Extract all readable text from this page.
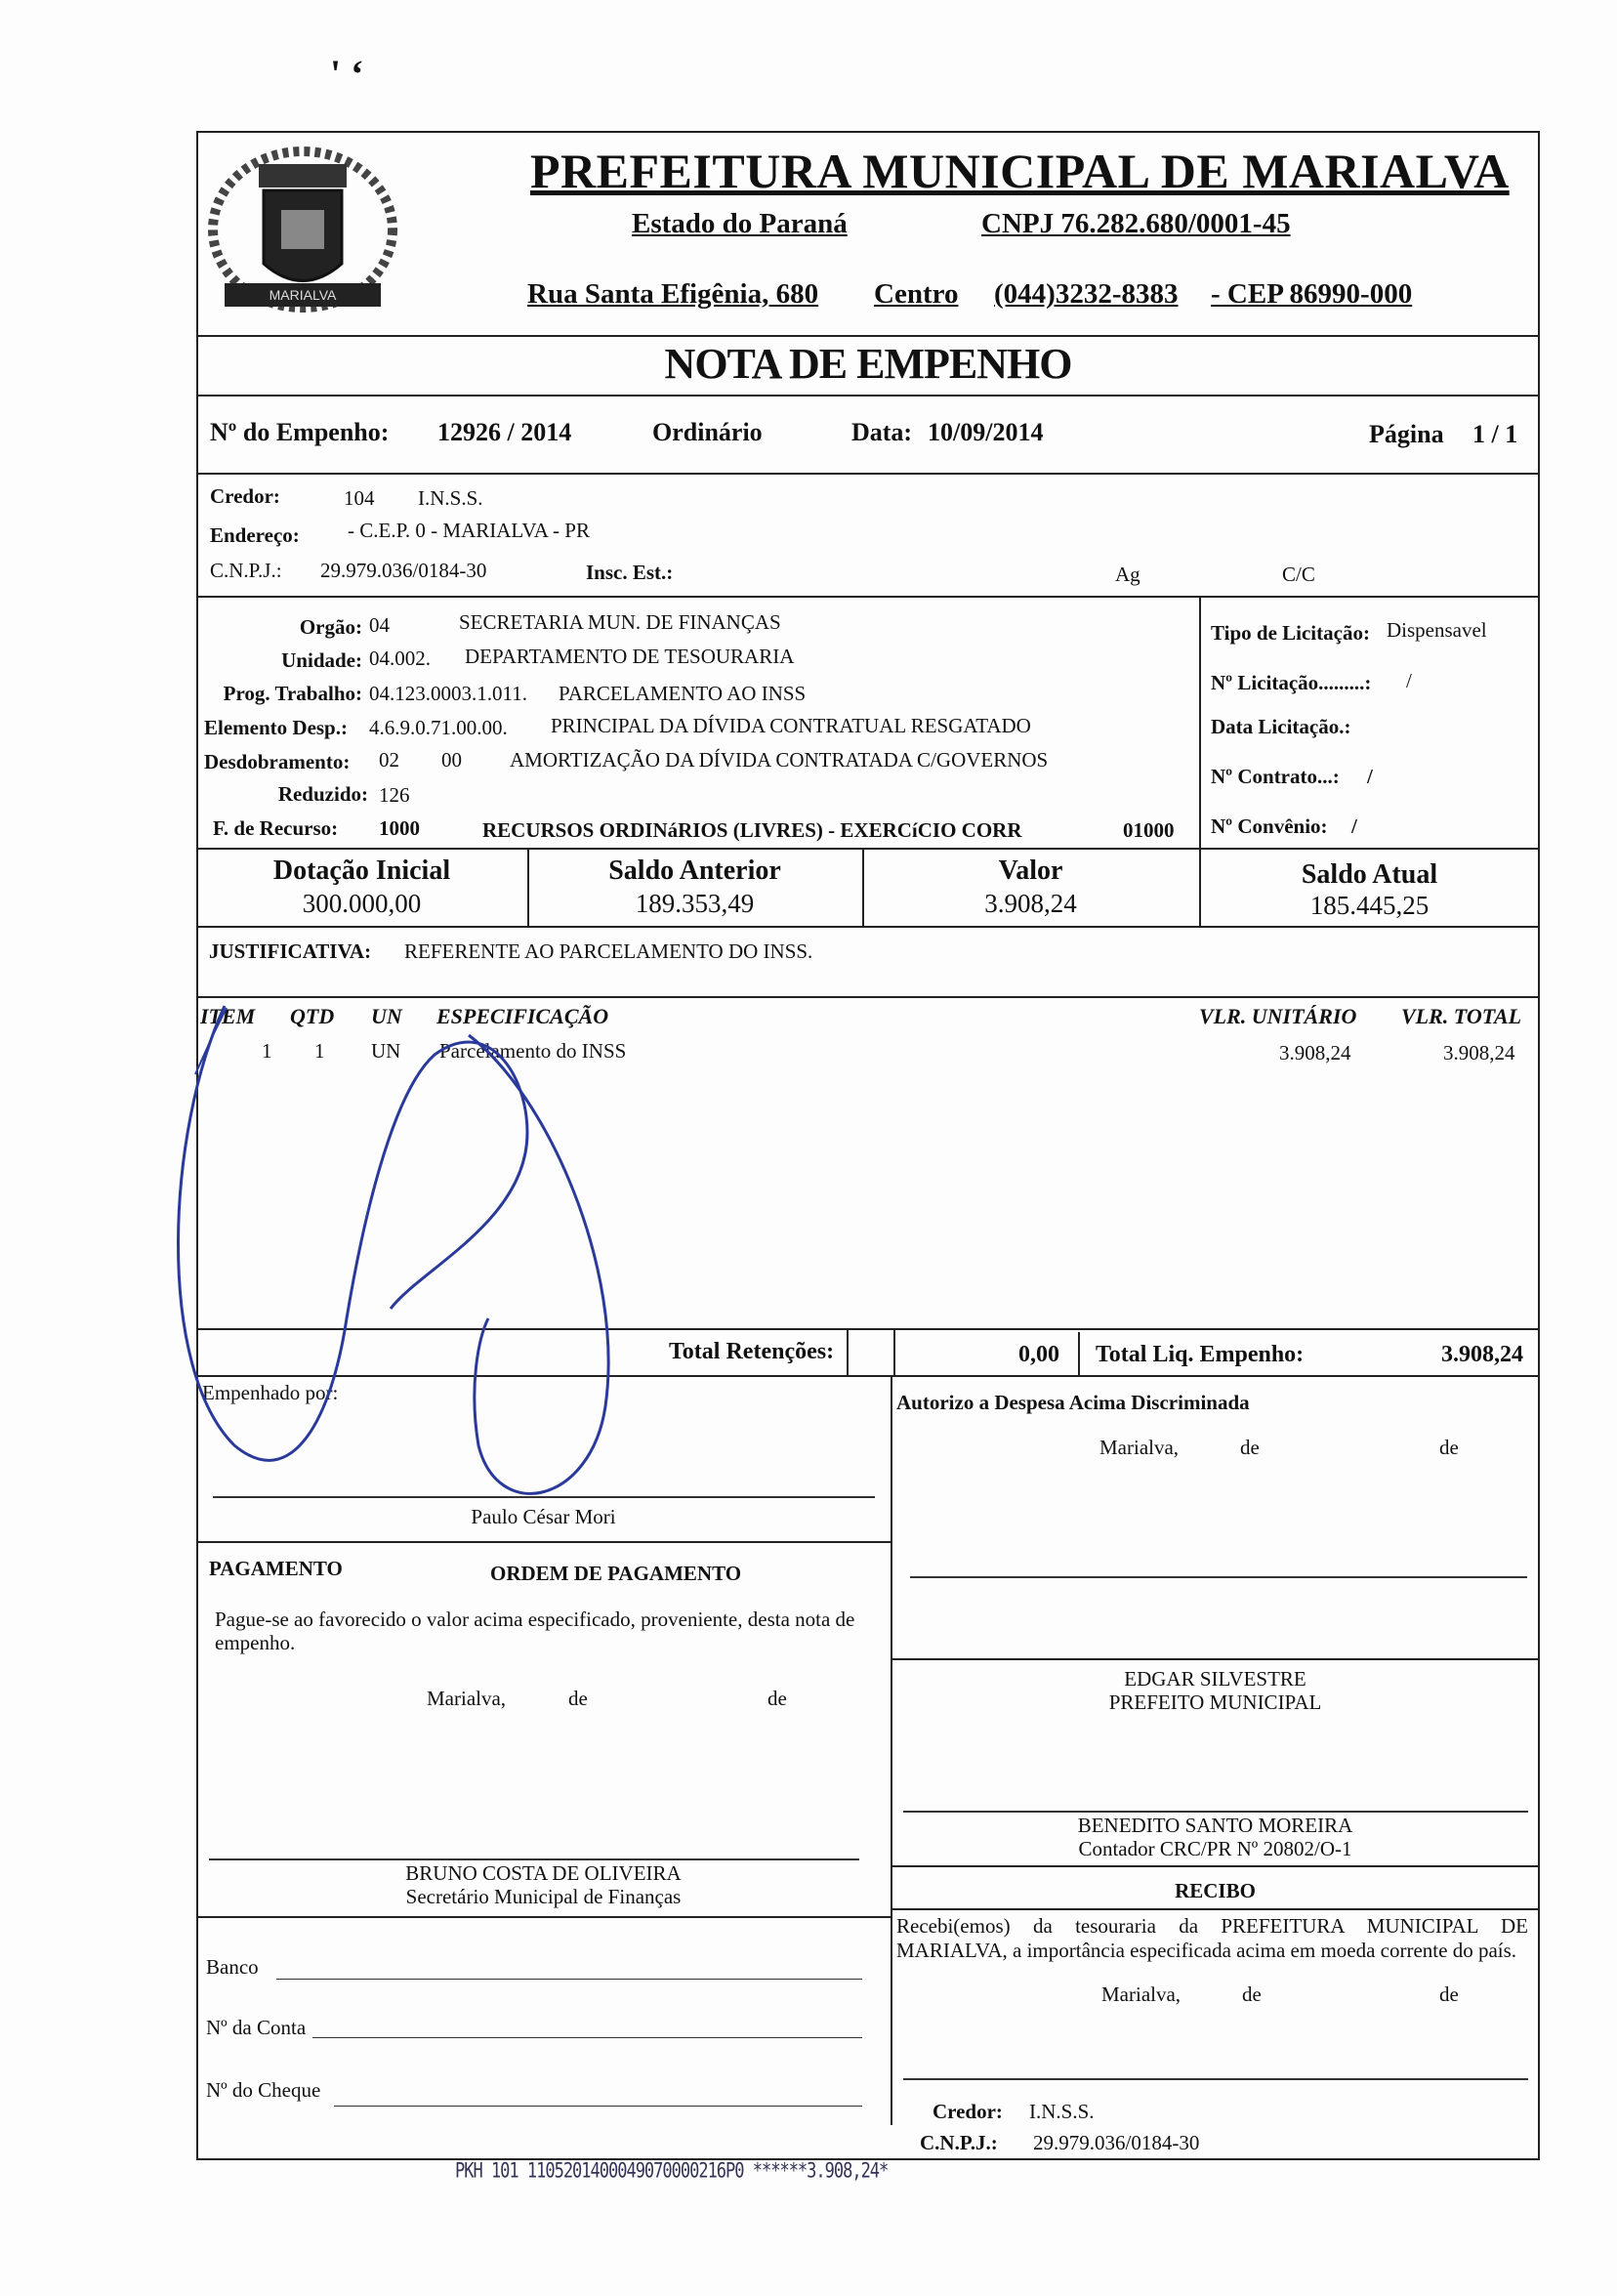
' ‘
MARIALVA
PREFEITURA MUNICIPAL DE MARIALVA
Estado do Paraná	CNPJ 76.282.680/0001-45
Rua Santa Efigênia, 680 Centro (044)3232-8383 - CEP 86990-000
NOTA DE EMPENHO
Nº do Empenho: 12926 / 2014	Ordinário	Data: 10/09/2014	Página 1 / 1
Credor:	104 I.N.S.S.
Endereço: - C.E.P. 0 - MARIALVA - PR
C.N.P.J.: 29.979.036/0184-30	Insc. Est.:	Ag	C/C
Orgão: 04	SECRETARIA MUN. DE FINANÇAS
Unidade: 04.002. DEPARTAMENTO DE TESOURARIA
Prog. Trabalho: 04.123.0003.1.011. PARCELAMENTO AO INSS
Elemento Desp.: 4.6.9.0.71.00.00. PRINCIPAL DA DÍVIDA CONTRATUAL RESGATADO
Desdobramento: 02 00 AMORTIZAÇÃO DA DÍVIDA CONTRATADA C/GOVERNOS
Reduzido: 126
F. de Recurso: 1000	RECURSOS ORDINáRIOS (LIVRES) - EXERCíCIO CORR	01000
Tipo de Licitação: Dispensavel
Nº Licitação.........: /
Data Licitação.:
Nº Contrato...: /
Nº Convênio: /
Dotação Inicial
300.000,00
Saldo Anterior
189.353,49
Valor
3.908,24
Saldo Atual
185.445,25
JUSTIFICATIVA: REFERENTE AO PARCELAMENTO DO INSS.
ITEM QTD UN ESPECIFICAÇÃO	VLR. UNITÁRIO VLR. TOTAL
1 1 UN Parcelamento do INSS	3.908,24	3.908,24
Total Retenções:	0,00 Total Liq. Empenho:	3.908,24
Empenhado por:
Paulo César Mori
Autorizo a Despesa Acima Discriminada
Marialva,	de	de
PAGAMENTO	ORDEM DE PAGAMENTO
Pague-se ao favorecido o valor acima especificado, proveniente, desta nota de empenho.
Marialva,	de	de
BRUNO COSTA DE OLIVEIRA
Secretário Municipal de Finanças
Banco
Nº da Conta
Nº do Cheque
EDGAR SILVESTRE
PREFEITO MUNICIPAL
BENEDITO SANTO MOREIRA
Contador CRC/PR Nº 20802/O-1
RECIBO
Recebi(emos) da tesouraria da PREFEITURA MUNICIPAL DE MARIALVA, a importância especificada acima em moeda corrente do país.
Marialva,	de	de
Credor: I.N.S.S.
C.N.P.J.: 29.979.036/0184-30
PKH 101 1105201400049070000216P0 ******3.908,24*
